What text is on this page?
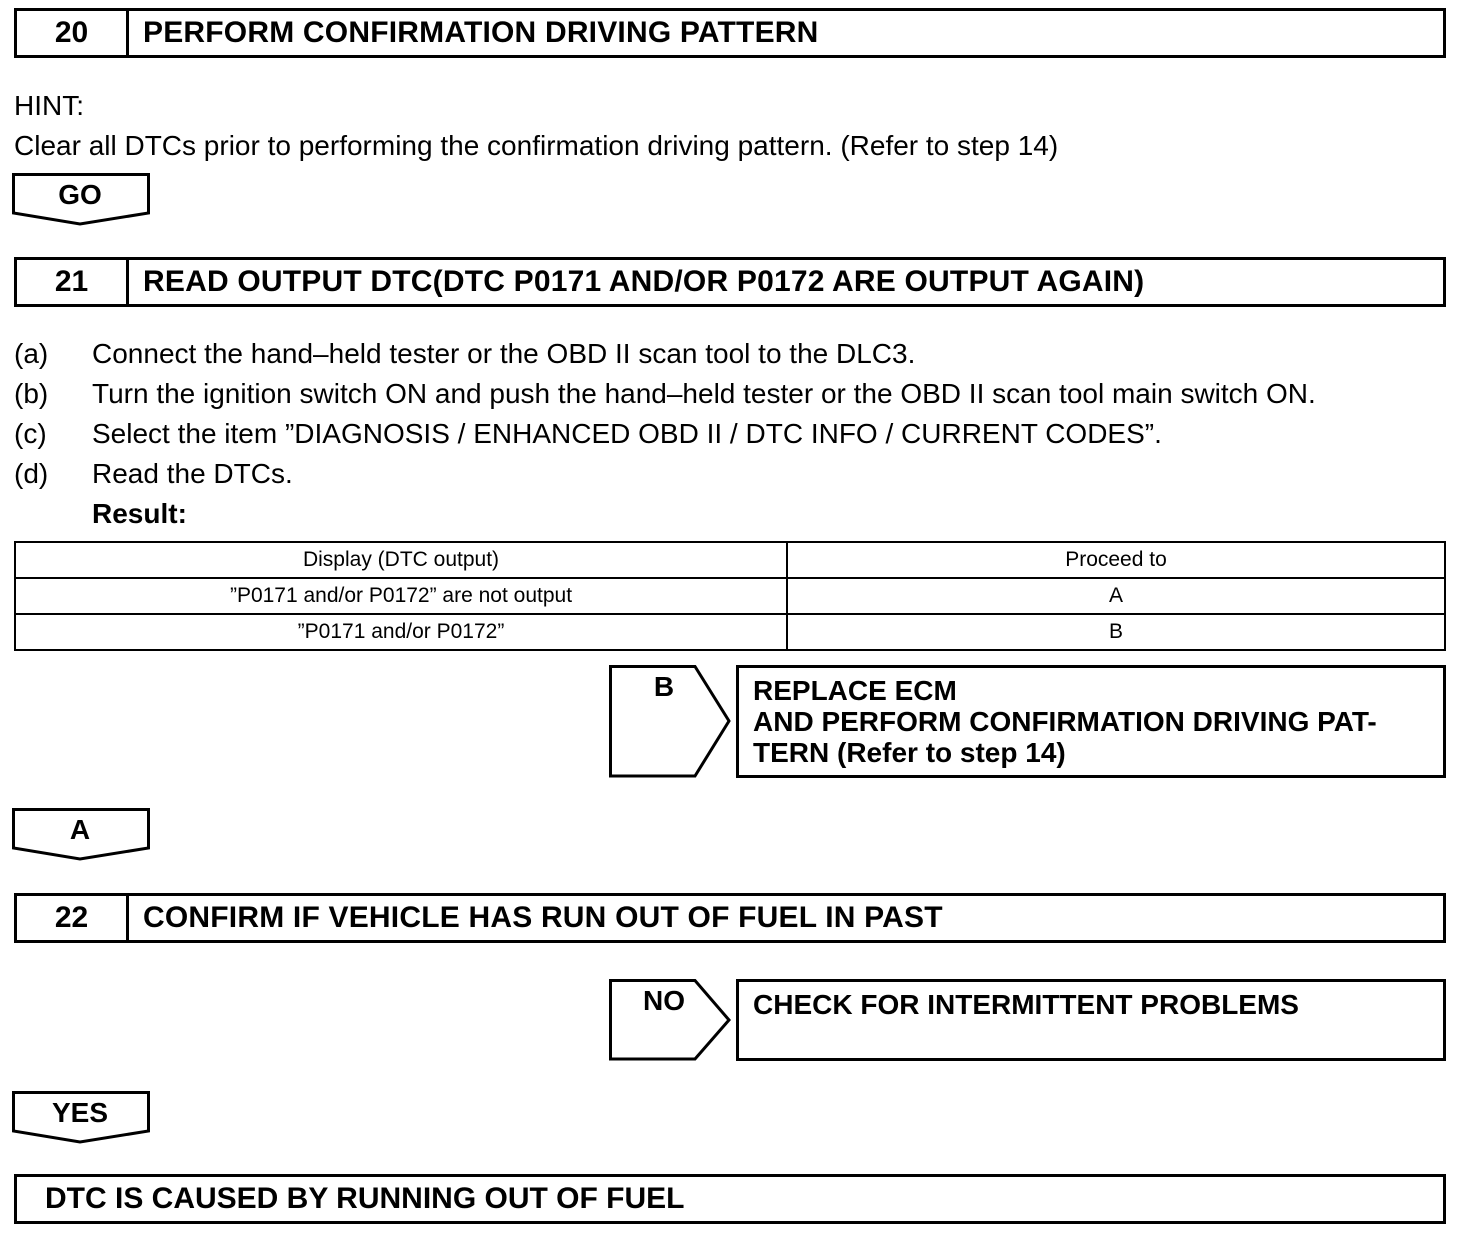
20	PERFORM CONFIRMATION DRIVING PATTERN
HINT:
Clear all DTCs prior to performing the confirmation driving pattern. (Refer to step 14)
GO
21	READ OUTPUT DTC(DTC P0171 AND/OR P0172 ARE OUTPUT AGAIN)
(a) Connect the hand–held tester or the OBD II scan tool to the DLC3.
(b) Turn the ignition switch ON and push the hand–held tester or the OBD II scan tool main switch ON.
(c) Select the item ”DIAGNOSIS / ENHANCED OBD II / DTC INFO / CURRENT CODES”.
(d) Read the DTCs.
Result:
Display (DTC output)	Proceed to
”P0171 and/or P0172” are not output	A
”P0171 and/or P0172”	B
B	REPLACE ECM
AND PERFORM CONFIRMATION DRIVING PAT-
TERN (Refer to step 14)
A
22	CONFIRM IF VEHICLE HAS RUN OUT OF FUEL IN PAST
NO	CHECK FOR INTERMITTENT PROBLEMS
YES
DTC IS CAUSED BY RUNNING OUT OF FUEL
